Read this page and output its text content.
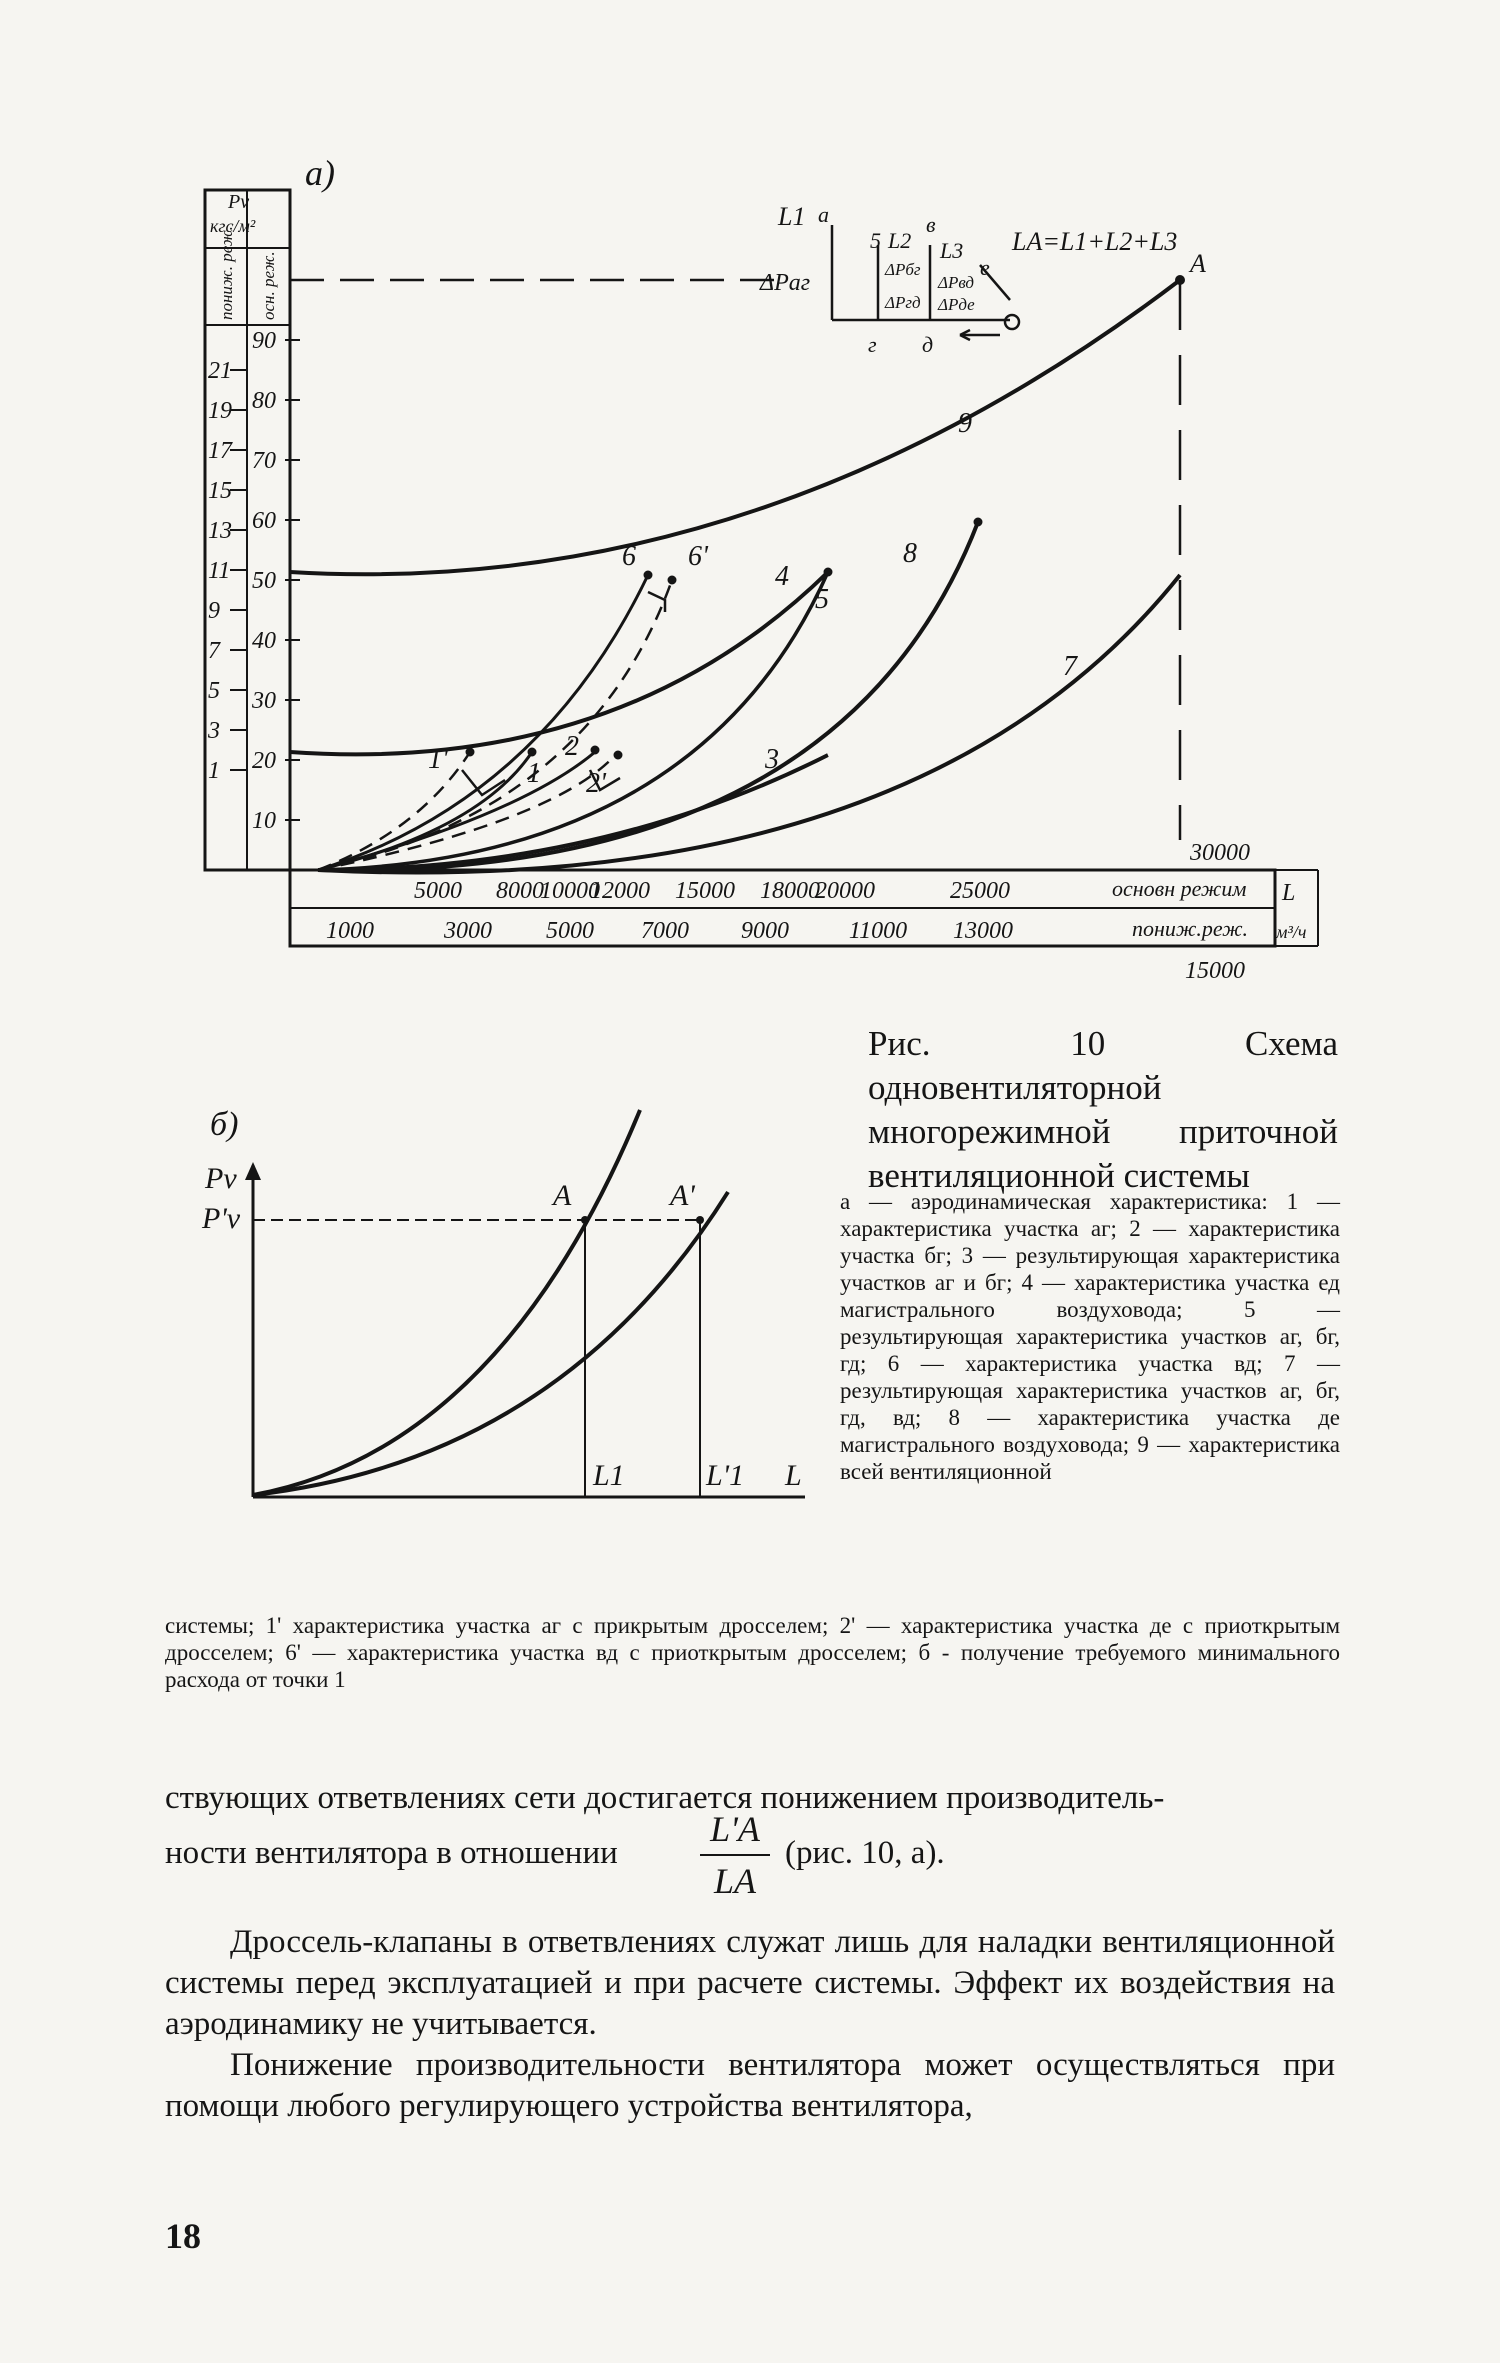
а)
Pv
кгс/м²
пониж. реж. осн. реж.
21
19
17
15
13
11
9
7
5
3
1
90
80
70
60
50
40
30
20
10
A
1
1'	2
2'
3
4
5
6 6'
7
8
9
L1 а
5 L2
в
L3 LA=L1+L2+L3
ΔPаг
ΔPбг
ΔPгд
ΔPвд
ΔPде
е
г д
5000 8000
10000
12000 15000 18000
20000	25000
1000	3000 5000 7000 9000 11000 13000
основн режим
пониж.реж.
30000
15000
L
м³/ч
б)
Pv
P'v
A	A'
L1	L'1 L
Рис. 10 Схема одновентиляторной многорежимной приточной вентиляционной системы
а — аэродинамическая характеристика: 1 — характеристика участка аг; 2 — характеристика участка бг; 3 — результирующая характеристика участков аг и бг; 4 — характеристика участка ед магистрального воздуховода; 5 — результирующая характеристика участков аг, бг, гд; 6 — характеристика участка вд; 7 — результирующая характеристика участков аг, бг, гд, вд; 8 — характеристика участка де магистрального воздуховода; 9 — характеристика всей вентиляционной
системы; 1' характеристика участка аг с прикрытым дросселем; 2' — характеристика участка де с приоткрытым дросселем; 6' — характеристика участка вд с приоткрытым дросселем; б - получение требуемого минимального расхода от точки 1

ствующих ответвлениях сети достигается понижением производитель-

ности вентилятора в отношении $\frac{L'A}{LA} (рис$. 10, а).

Дроссель-клапаны в ответвлениях служат лишь для наладки вентиляционной системы перед эксплуатацией и при расчете системы. Эффект их воздействия на аэродинамику не учитывается.

Понижение производительности вентилятора может осуществляться при помощи любого регулирующего устройства вентилятора,

18
